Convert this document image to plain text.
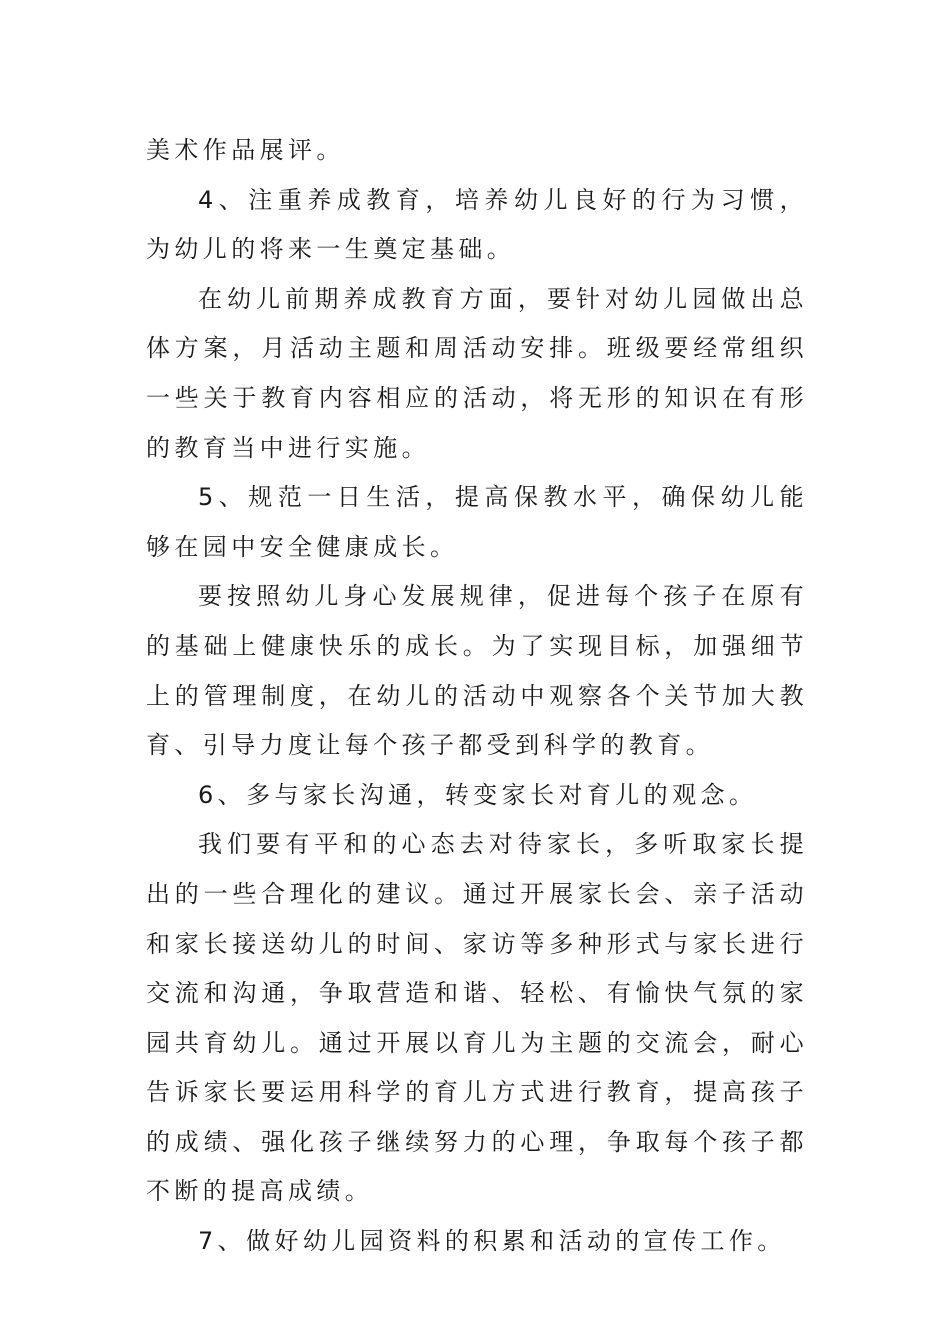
美术作品展评。

4、注重养成教育，培养幼儿良好的行为习惯，为幼儿的将来一生奠定基础。

在幼儿前期养成教育方面，要针对幼儿园做出总体方案，月活动主题和周活动安排。班级要经常组织一些关于教育内容相应的活动，将无形的知识在有形的教育当中进行实施。

5、规范一日生活，提高保教水平，确保幼儿能够在园中安全健康成长。

要按照幼儿身心发展规律，促进每个孩子在原有的基础上健康快乐的成长。为了实现目标，加强细节上的管理制度，在幼儿的活动中观察各个关节加大教育、引导力度让每个孩子都受到科学的教育。

6、多与家长沟通，转变家长对育儿的观念。

我们要有平和的心态去对待家长，多听取家长提出的一些合理化的建议。通过开展家长会、亲子活动和家长接送幼儿的时间、家访等多种形式与家长进行交流和沟通，争取营造和谐、轻松、有愉快气氛的家园共育幼儿。通过开展以育儿为主题的交流会，耐心告诉家长要运用科学的育儿方式进行教育，提高孩子的成绩、强化孩子继续努力的心理，争取每个孩子都不断的提高成绩。

7、做好幼儿园资料的积累和活动的宣传工作。
